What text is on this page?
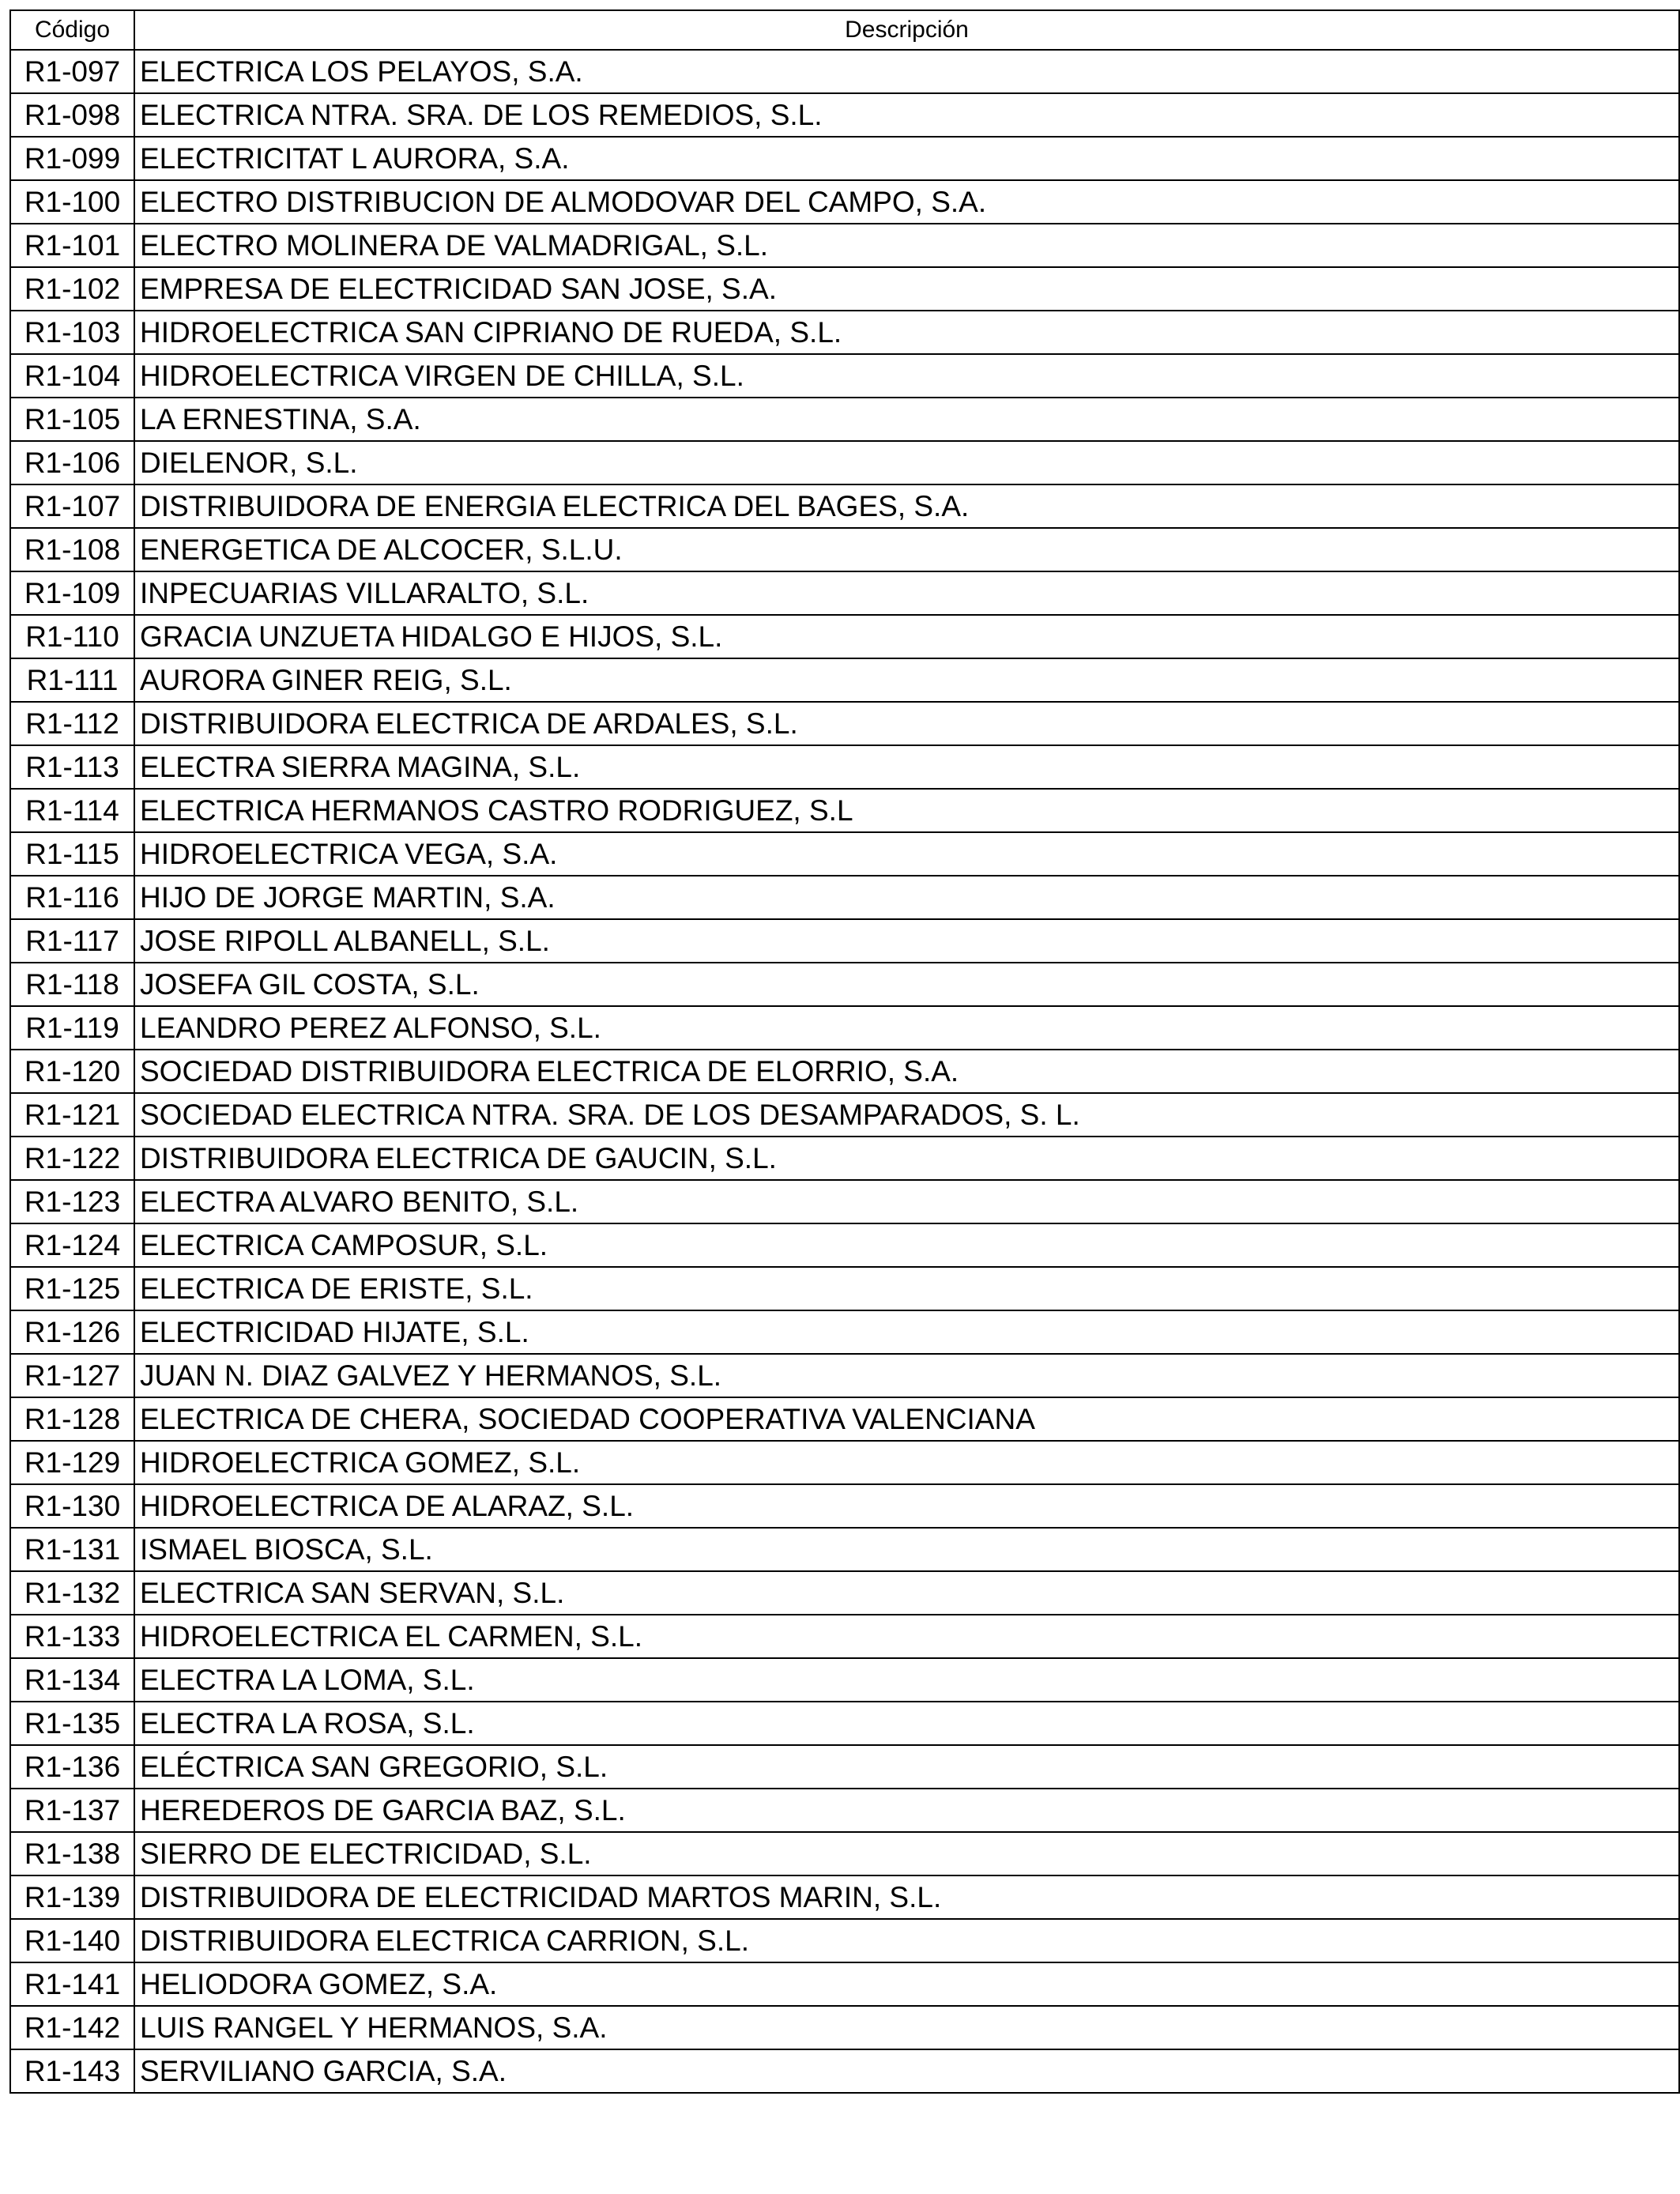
Código	Descripción
R1-097	ELECTRICA LOS PELAYOS, S.A.
R1-098	ELECTRICA NTRA. SRA. DE LOS REMEDIOS, S.L.
R1-099	ELECTRICITAT L AURORA, S.A.
R1-100	ELECTRO DISTRIBUCION DE ALMODOVAR DEL CAMPO, S.A.
R1-101	ELECTRO MOLINERA DE VALMADRIGAL, S.L.
R1-102	EMPRESA DE ELECTRICIDAD SAN JOSE, S.A.
R1-103	HIDROELECTRICA SAN CIPRIANO DE RUEDA, S.L.
R1-104	HIDROELECTRICA VIRGEN DE CHILLA, S.L.
R1-105	LA ERNESTINA, S.A.
R1-106	DIELENOR, S.L.
R1-107	DISTRIBUIDORA DE ENERGIA ELECTRICA DEL BAGES, S.A.
R1-108	ENERGETICA DE ALCOCER, S.L.U.
R1-109	INPECUARIAS VILLARALTO, S.L.
R1-110	GRACIA UNZUETA HIDALGO E HIJOS, S.L.
R1-111	AURORA GINER REIG, S.L.
R1-112	DISTRIBUIDORA ELECTRICA DE ARDALES, S.L.
R1-113	ELECTRA SIERRA MAGINA, S.L.
R1-114	ELECTRICA HERMANOS CASTRO RODRIGUEZ, S.L
R1-115	HIDROELECTRICA VEGA, S.A.
R1-116	HIJO DE JORGE MARTIN, S.A.
R1-117	JOSE RIPOLL ALBANELL, S.L.
R1-118	JOSEFA GIL COSTA, S.L.
R1-119	LEANDRO PEREZ ALFONSO, S.L.
R1-120	SOCIEDAD DISTRIBUIDORA ELECTRICA DE ELORRIO, S.A.
R1-121	SOCIEDAD ELECTRICA NTRA. SRA. DE LOS DESAMPARADOS, S. L.
R1-122	DISTRIBUIDORA ELECTRICA DE GAUCIN, S.L.
R1-123	ELECTRA ALVARO BENITO, S.L.
R1-124	ELECTRICA CAMPOSUR, S.L.
R1-125	ELECTRICA DE ERISTE, S.L.
R1-126	ELECTRICIDAD HIJATE, S.L.
R1-127	JUAN N. DIAZ GALVEZ Y HERMANOS, S.L.
R1-128	ELECTRICA DE CHERA, SOCIEDAD COOPERATIVA VALENCIANA
R1-129	HIDROELECTRICA GOMEZ, S.L.
R1-130	HIDROELECTRICA DE ALARAZ, S.L.
R1-131	ISMAEL BIOSCA, S.L.
R1-132	ELECTRICA SAN SERVAN, S.L.
R1-133	HIDROELECTRICA EL CARMEN, S.L.
R1-134	ELECTRA LA LOMA, S.L.
R1-135	ELECTRA LA ROSA, S.L.
R1-136	ELÉCTRICA SAN GREGORIO, S.L.
R1-137	HEREDEROS DE GARCIA BAZ, S.L.
R1-138	SIERRO DE ELECTRICIDAD, S.L.
R1-139	DISTRIBUIDORA DE ELECTRICIDAD MARTOS MARIN, S.L.
R1-140	DISTRIBUIDORA ELECTRICA CARRION, S.L.
R1-141	HELIODORA GOMEZ, S.A.
R1-142	LUIS RANGEL Y HERMANOS, S.A.
R1-143	SERVILIANO GARCIA, S.A.
